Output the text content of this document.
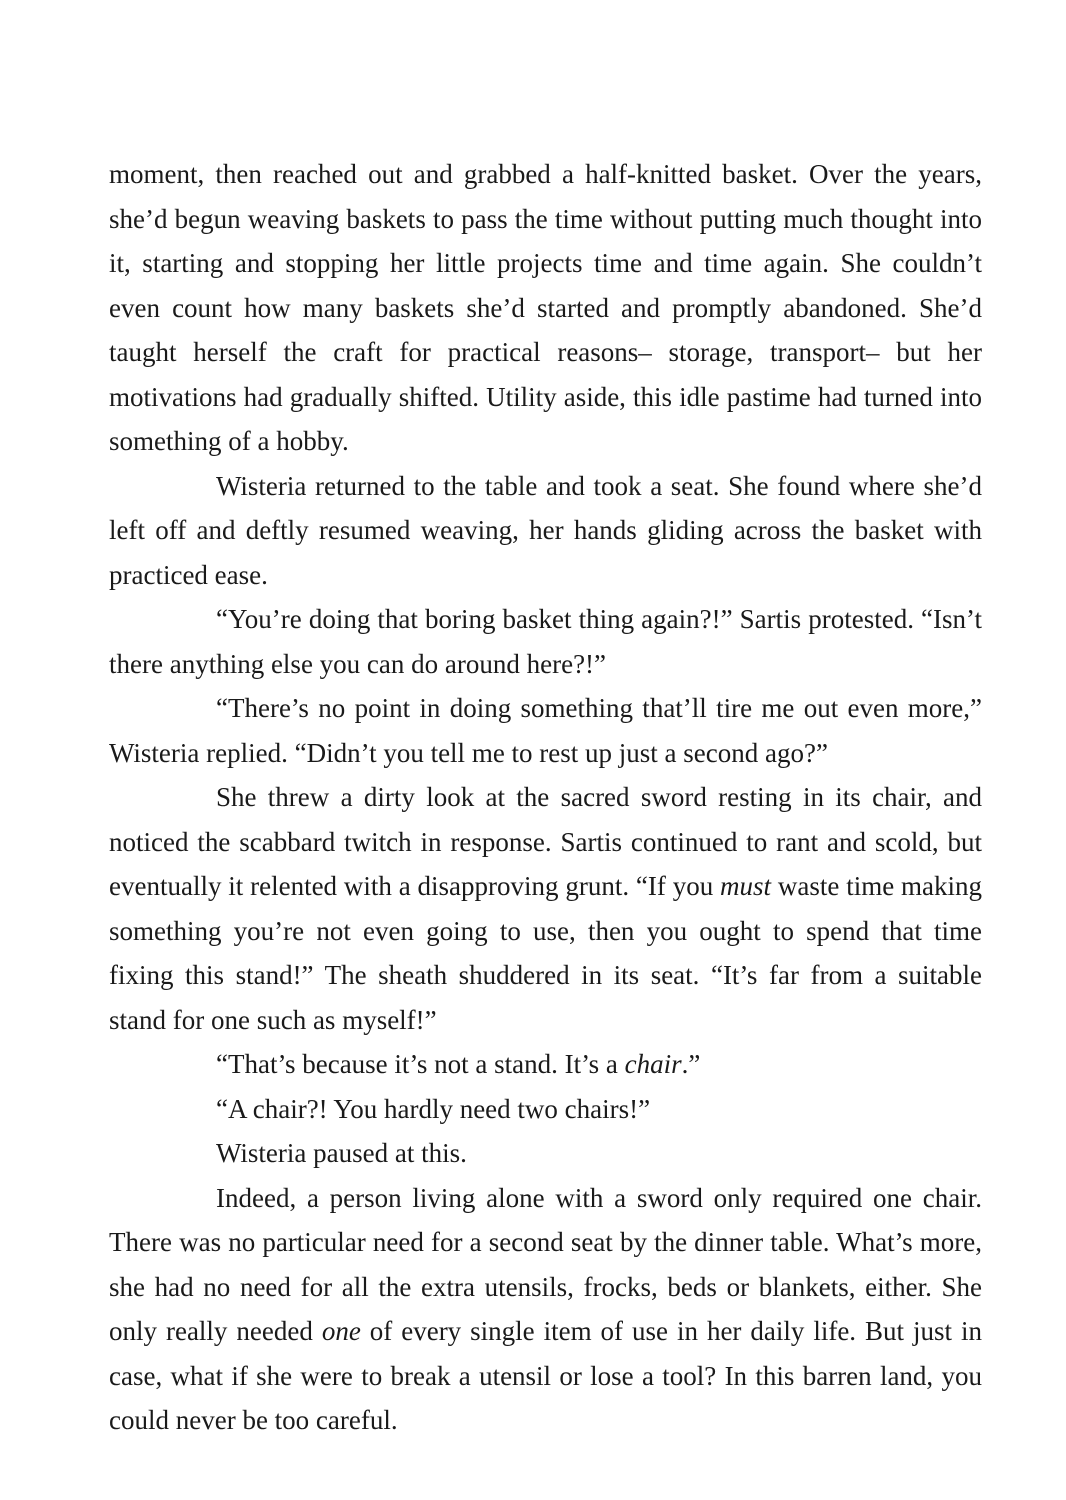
moment, then reached out and grabbed a half-knitted basket. Over the years, she’d begun weaving baskets to pass the time without putting much thought into it, starting and stopping her little projects time and time again. She couldn’t even count how many baskets she’d started and promptly abandoned. She’d taught herself the craft for practical reasons– storage, transport– but her motivations had gradually shifted. Utility aside, this idle pastime had turned into something of a hobby.

Wisteria returned to the table and took a seat. She found where she’d left off and deftly resumed weaving, her hands gliding across the basket with practiced ease.

“You’re doing that boring basket thing again?!” Sartis protested. “Isn’t there anything else you can do around here?!”

“There’s no point in doing something that’ll tire me out even more,” Wisteria replied. “Didn’t you tell me to rest up just a second ago?”

She threw a dirty look at the sacred sword resting in its chair, and noticed the scabbard twitch in response. Sartis continued to rant and scold, but eventually it relented with a disapproving grunt. “If you must waste time making something you’re not even going to use, then you ought to spend that time fixing this stand!” The sheath shuddered in its seat. “It’s far from a suitable stand for one such as myself!”

“That’s because it’s not a stand. It’s a chair.”

“A chair?! You hardly need two chairs!”

Wisteria paused at this.

Indeed, a person living alone with a sword only required one chair. There was no particular need for a second seat by the dinner table. What’s more, she had no need for all the extra utensils, frocks, beds or blankets, either. She only really needed one of every single item of use in her daily life. But just in case, what if she were to break a utensil or lose a tool? In this barren land, you could never be too careful.
